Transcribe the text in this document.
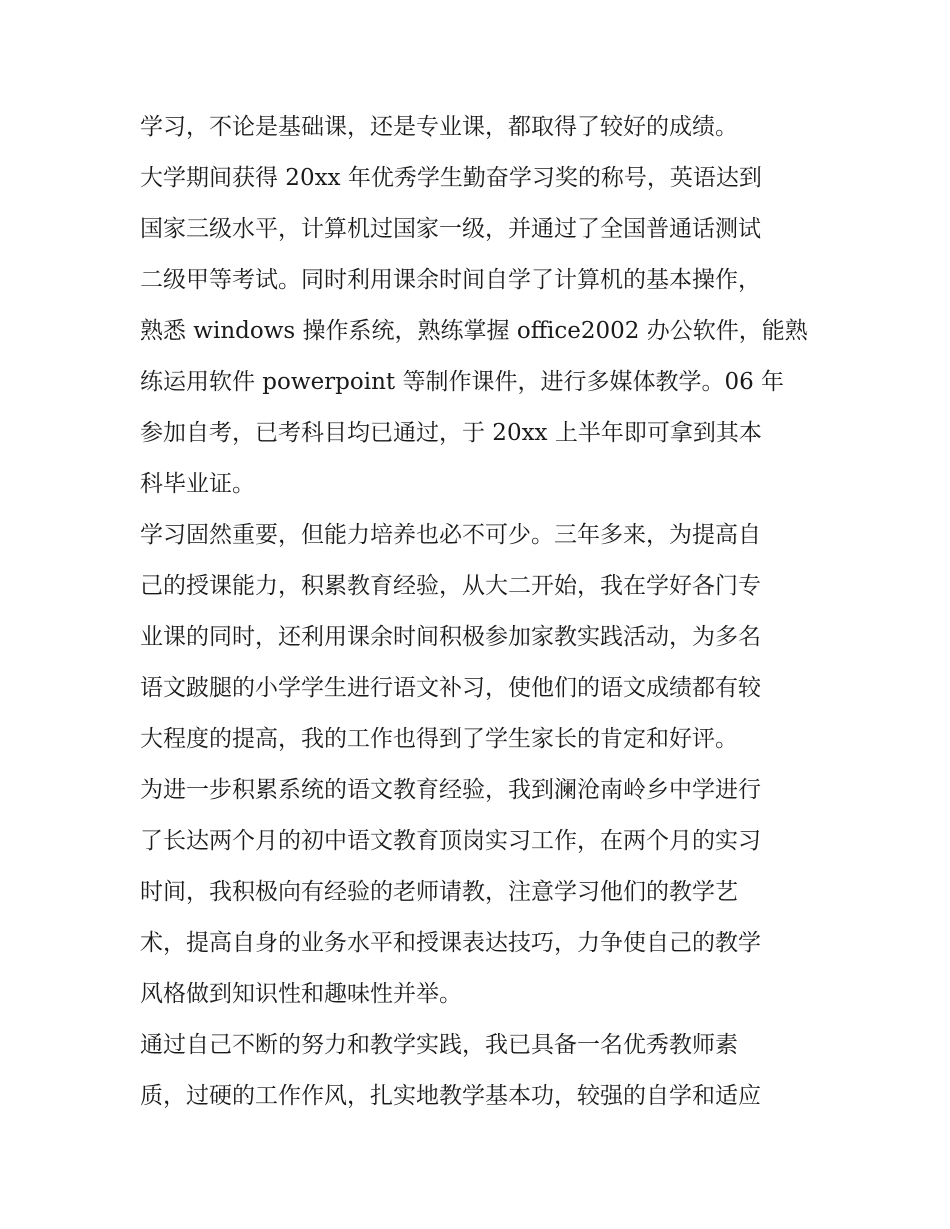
学习，不论是基础课，还是专业课，都取得了较好的成绩。
大学期间获得 20xx 年优秀学生勤奋学习奖的称号，英语达到
国家三级水平，计算机过国家一级，并通过了全国普通话测试
二级甲等考试。同时利用课余时间自学了计算机的基本操作，
熟悉 windows 操作系统，熟练掌握 office2002 办公软件，能熟
练运用软件 powerpoint 等制作课件，进行多媒体教学。06 年
参加自考，已考科目均已通过，于 20xx 上半年即可拿到其本
科毕业证。
学习固然重要，但能力培养也必不可少。三年多来，为提高自
己的授课能力，积累教育经验，从大二开始，我在学好各门专
业课的同时，还利用课余时间积极参加家教实践活动，为多名
语文跛腿的小学学生进行语文补习，使他们的语文成绩都有较
大程度的提高，我的工作也得到了学生家长的肯定和好评。
为进一步积累系统的语文教育经验，我到澜沧南岭乡中学进行
了长达两个月的初中语文教育顶岗实习工作，在两个月的实习
时间，我积极向有经验的老师请教，注意学习他们的教学艺
术，提高自身的业务水平和授课表达技巧，力争使自己的教学
风格做到知识性和趣味性并举。
通过自己不断的努力和教学实践，我已具备一名优秀教师素
质，过硬的工作作风，扎实地教学基本功，较强的自学和适应
